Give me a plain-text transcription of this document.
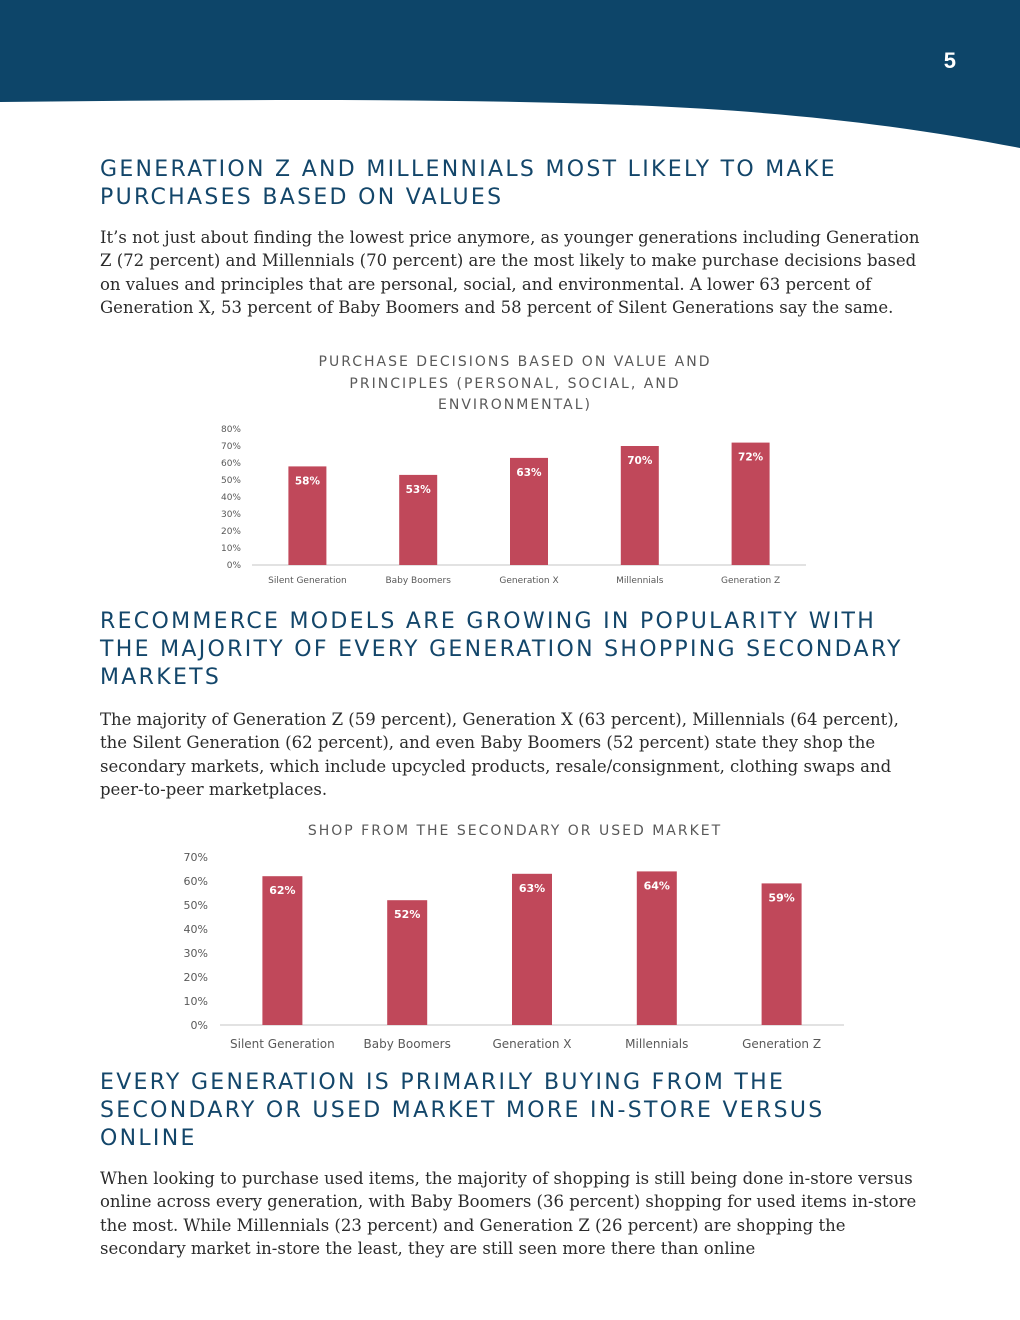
5
GENERATION Z AND MILLENNIALS MOST LIKELY TO MAKE PURCHASES BASED ON VALUES

It’s not just about finding the lowest price anymore, as younger generations including Generation Z (72 percent) and Millennials (70 percent) are the most likely to make purchase decisions based on values and principles that are personal, social, and environmental. A lower 63 percent of Generation X, 53 percent of Baby Boomers and 58 percent of Silent Generations say the same.

PURCHASE DECISIONS BASED ON VALUE AND PRINCIPLES (PERSONAL, SOCIAL, AND ENVIRONMENTAL)
0%
10%
20%
30%
40%
50%
60%
70%
80%
58%
Silent Generation
53%
Baby Boomers
63%
Generation X
70%
Millennials
72%
Generation Z
RECOMMERCE MODELS ARE GROWING IN POPULARITY WITH THE MAJORITY OF EVERY GENERATION SHOPPING SECONDARY MARKETS

The majority of Generation Z (59 percent), Generation X (63 percent), Millennials (64 percent), the Silent Generation (62 percent), and even Baby Boomers (52 percent) state they shop the secondary markets, which include upcycled products, resale/consignment, clothing swaps and peer-to-peer marketplaces.

SHOP FROM THE SECONDARY OR USED MARKET
0%
10%
20%
30%
40%
50%
60%
70%
62%
Silent Generation
52%
Baby Boomers
63%
Generation X
64%
Millennials
59%
Generation Z
EVERY GENERATION IS PRIMARILY BUYING FROM THE SECONDARY OR USED MARKET MORE IN-STORE VERSUS ONLINE

When looking to purchase used items, the majority of shopping is still being done in-store versus online across every generation, with Baby Boomers (36 percent) shopping for used items in-store the most. While Millennials (23 percent) and Generation Z (26 percent) are shopping the secondary market in-store the least, they are still seen more there than online
